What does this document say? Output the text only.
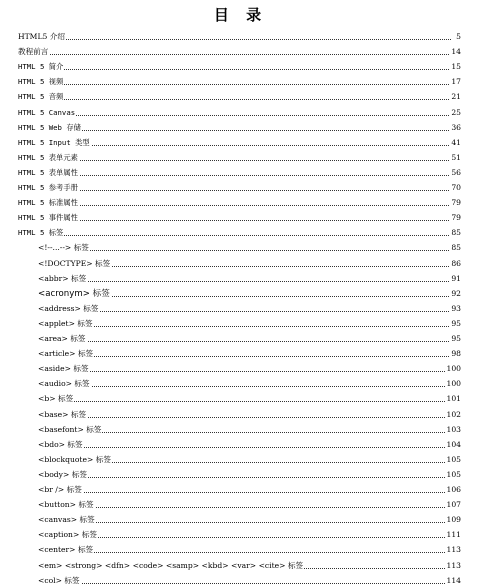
目 录
HTML5 介绍	5
教程前言	14
HTML 5 简介	15
HTML 5 视频	17
HTML 5 音频	21
HTML 5 Canvas	25
HTML 5 Web 存储	36
HTML 5 Input 类型	41
HTML 5 表单元素	51
HTML 5 表单属性	56
HTML 5 参考手册	70
HTML 5 标准属性	79
HTML 5 事件属性	79
HTML 5 标签	85
<!--...--> 标签	85
<!DOCTYPE> 标签	86
<abbr> 标签	91
<acronym> 标签	92
<address> 标签	93
<applet> 标签	95
<area> 标签	95
<article> 标签	98
<aside> 标签	100
<audio> 标签	100
<b> 标签	101
<base> 标签	102
<basefont> 标签	103
<bdo> 标签	104
<blockquote> 标签	105
<body> 标签	105
<br /> 标签	106
<button> 标签	107
<canvas> 标签	109
<caption> 标签	111
<center> 标签	113
<em> <strong> <dfn> <code> <samp> <kbd> <var> <cite> 标签	113
<col> 标签	114
